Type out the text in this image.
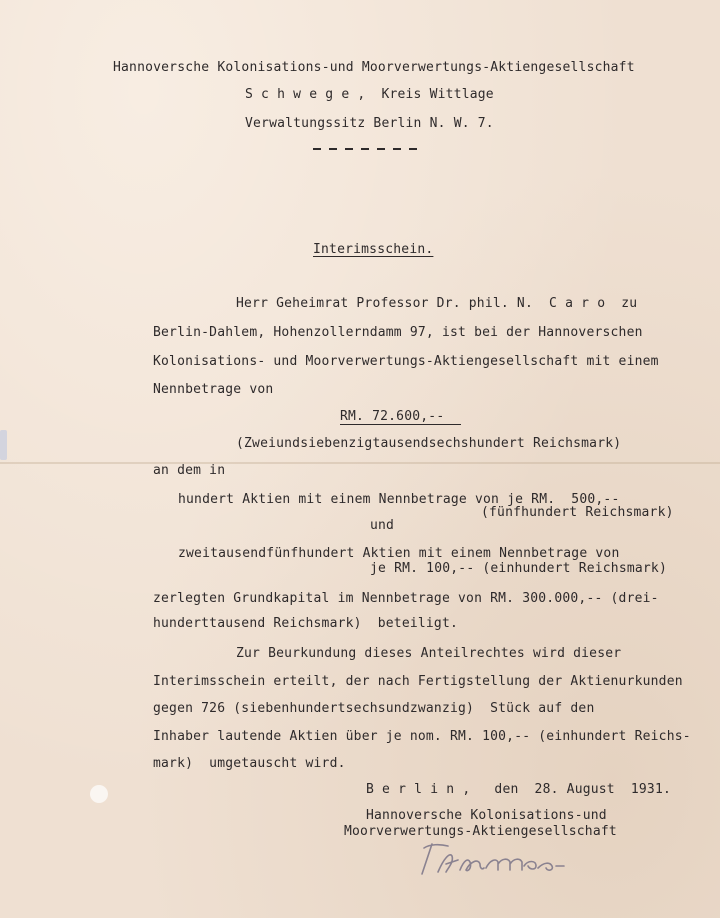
Hannoversche Kolonisations-und Moorverwertungs-Aktiengesellschaft
S c h w e g e ,  Kreis Wittlage
Verwaltungssitz Berlin N. W. 7.
Interimsschein.
Herr Geheimrat Professor Dr. phil. N.  C a r o  zu
Berlin-Dahlem, Hohenzollerndamm 97, ist bei der Hannoverschen
Kolonisations- und Moorverwertungs-Aktiengesellschaft mit einem
Nennbetrage von
RM. 72.600,--
(Zweiundsiebenzigtausendsechshundert Reichsmark)
an dem in
hundert Aktien mit einem Nennbetrage von je RM.  500,--
(fünfhundert Reichsmark)
und
zweitausendfünfhundert Aktien mit einem Nennbetrage von
je RM. 100,-- (einhundert Reichsmark)
zerlegten Grundkapital im Nennbetrage von RM. 300.000,-- (drei-
hunderttausend Reichsmark)  beteiligt.
Zur Beurkundung dieses Anteilrechtes wird dieser
Interimsschein erteilt, der nach Fertigstellung der Aktienurkunden
gegen 726 (siebenhundertsechsundzwanzig)  Stück auf den
Inhaber lautende Aktien über je nom. RM. 100,-- (einhundert Reichs-
mark)  umgetauscht wird.
B e r l i n ,   den  28. August  1931.
Hannoversche Kolonisations-und
Moorverwertungs-Aktiengesellschaft
